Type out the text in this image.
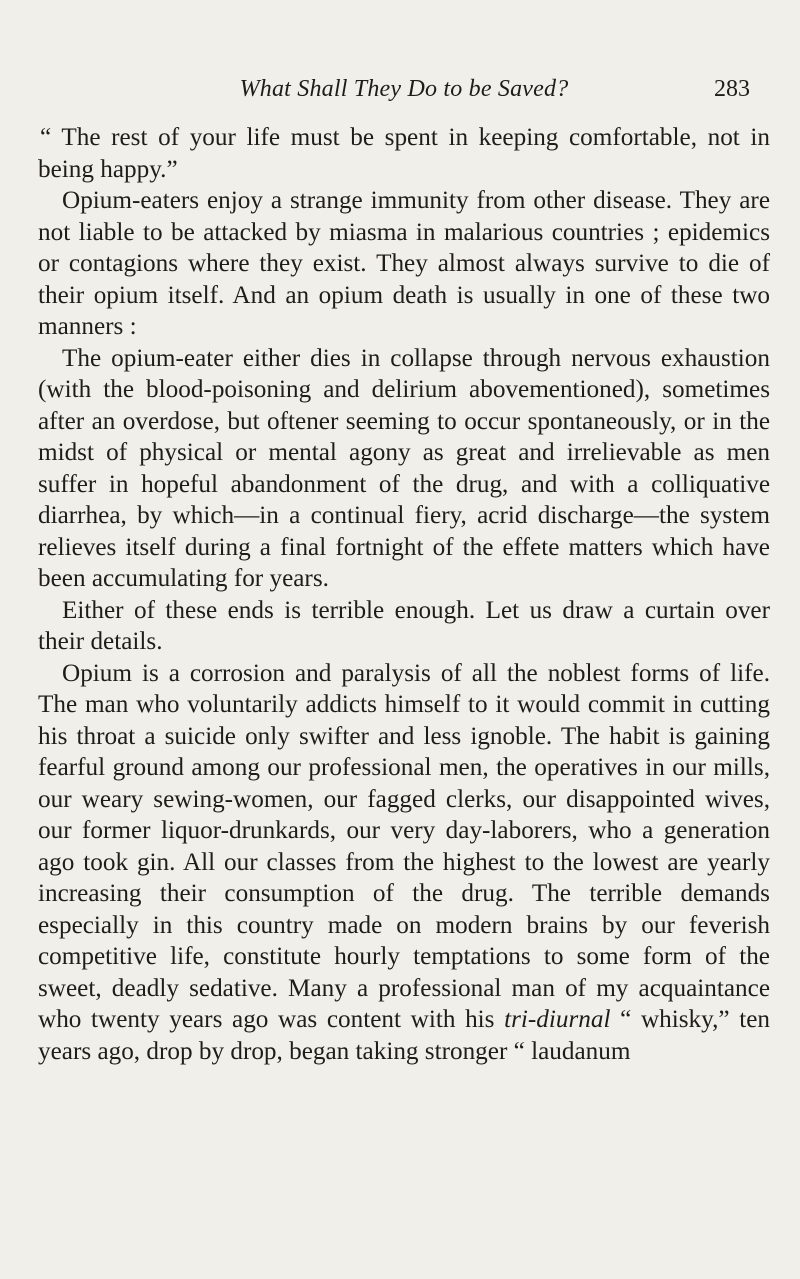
What Shall They Do to be Saved?	283

“ The rest of your life must be spent in keeping comfortable, not in being happy.”

Opium-eaters enjoy a strange immunity from other disease. They are not liable to be attacked by miasma in malarious countries ; epidemics or contagions where they exist. They almost always survive to die of their opium itself. And an opium death is usually in one of these two manners :

The opium-eater either dies in collapse through nervous exhaustion (with the blood-poisoning and delirium abovementioned), sometimes after an overdose, but oftener seeming to occur spontaneously, or in the midst of physical or mental agony as great and irrelievable as men suffer in hopeful abandonment of the drug, and with a colliquative diarrhea, by which—in a continual fiery, acrid discharge—the system relieves itself during a final fortnight of the effete matters which have been accumulating for years.

Either of these ends is terrible enough. Let us draw a curtain over their details.

Opium is a corrosion and paralysis of all the noblest forms of life. The man who voluntarily addicts himself to it would commit in cutting his throat a suicide only swifter and less ignoble. The habit is gaining fearful ground among our professional men, the operatives in our mills, our weary sewing-women, our fagged clerks, our disappointed wives, our former liquor-drunkards, our very day-laborers, who a generation ago took gin. All our classes from the highest to the lowest are yearly increasing their consumption of the drug. The terrible demands especially in this country made on modern brains by our feverish competitive life, constitute hourly temptations to some form of the sweet, deadly sedative. Many a professional man of my acquaintance who twenty years ago was content with his tri-diurnal “ whisky,” ten years ago, drop by drop, began taking stronger “ laudanum
